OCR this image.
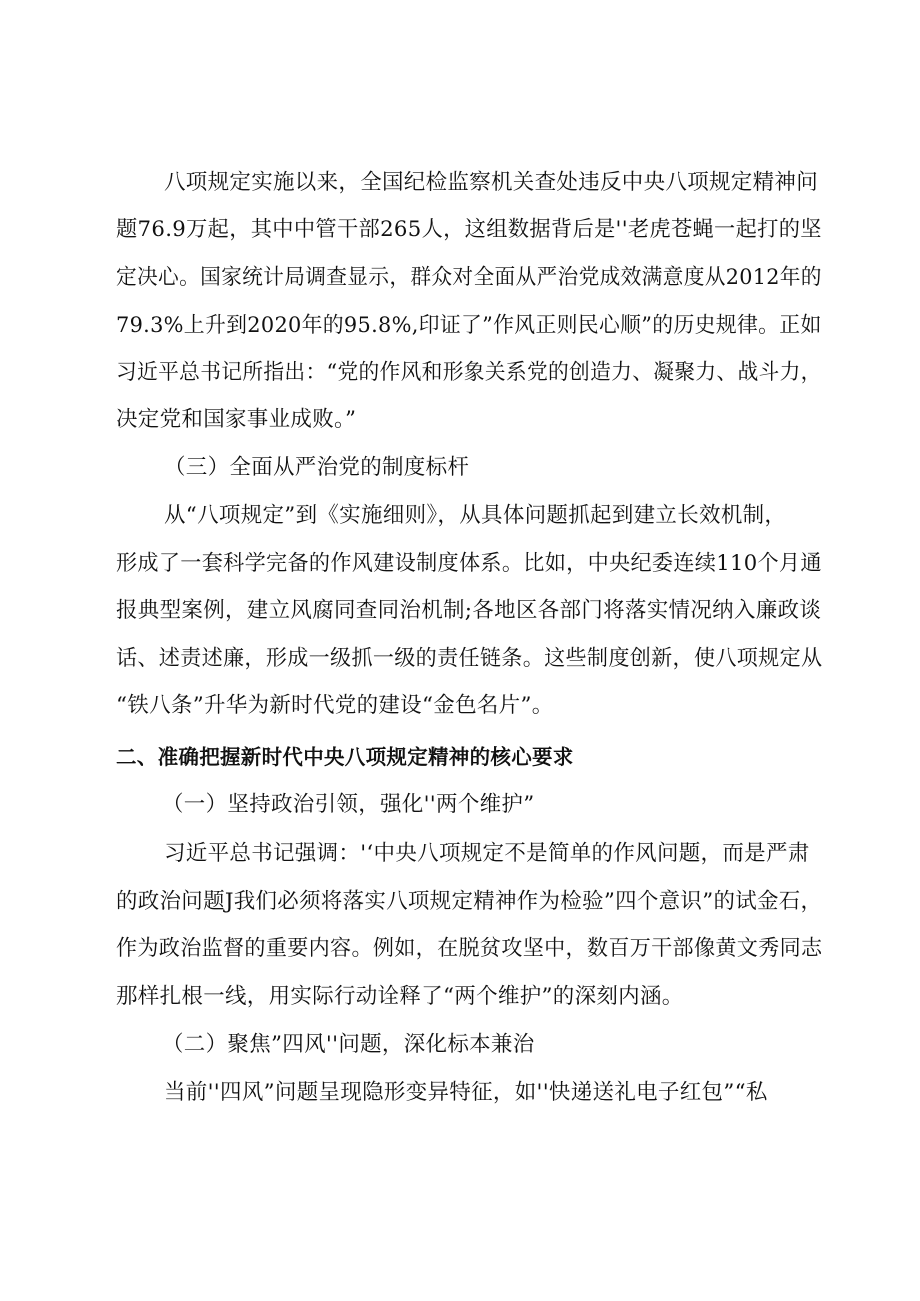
八项规定实施以来，全国纪检监察机关查处违反中央八项规定精神问
题76.9万起，其中中管干部265人，这组数据背后是''老虎苍蝇一起打的坚
定决心。国家统计局调查显示，群众对全面从严治党成效满意度从2012年的
79.3%上升到2020年的95.8%,印证了”作风正则民心顺”的历史规律。正如
习近平总书记所指出：“党的作风和形象关系党的创造力、凝聚力、战斗力，
决定党和国家事业成败。”
（三）全面从严治党的制度标杆
从“八项规定”到《实施细则》，从具体问题抓起到建立长效机制，
形成了一套科学完备的作风建设制度体系。比如，中央纪委连续110个月通
报典型案例，建立风腐同查同治机制;各地区各部门将落实情况纳入廉政谈
话、述责述廉，形成一级抓一级的责任链条。这些制度创新，使八项规定从
“铁八条”升华为新时代党的建设“金色名片”。
二、准确把握新时代中央八项规定精神的核心要求
（一）坚持政治引领，强化''两个维护”
习近平总书记强调：'‘中央八项规定不是简单的作风问题，而是严肃
的政治问题J我们必须将落实八项规定精神作为检验”四个意识”的试金石，
作为政治监督的重要内容。例如，在脱贫攻坚中，数百万干部像黄文秀同志
那样扎根一线，用实际行动诠释了“两个维护”的深刻内涵。
（二）聚焦”四风''问题，深化标本兼治
当前''四风”问题呈现隐形变异特征，如''快递送礼电子红包”“私
